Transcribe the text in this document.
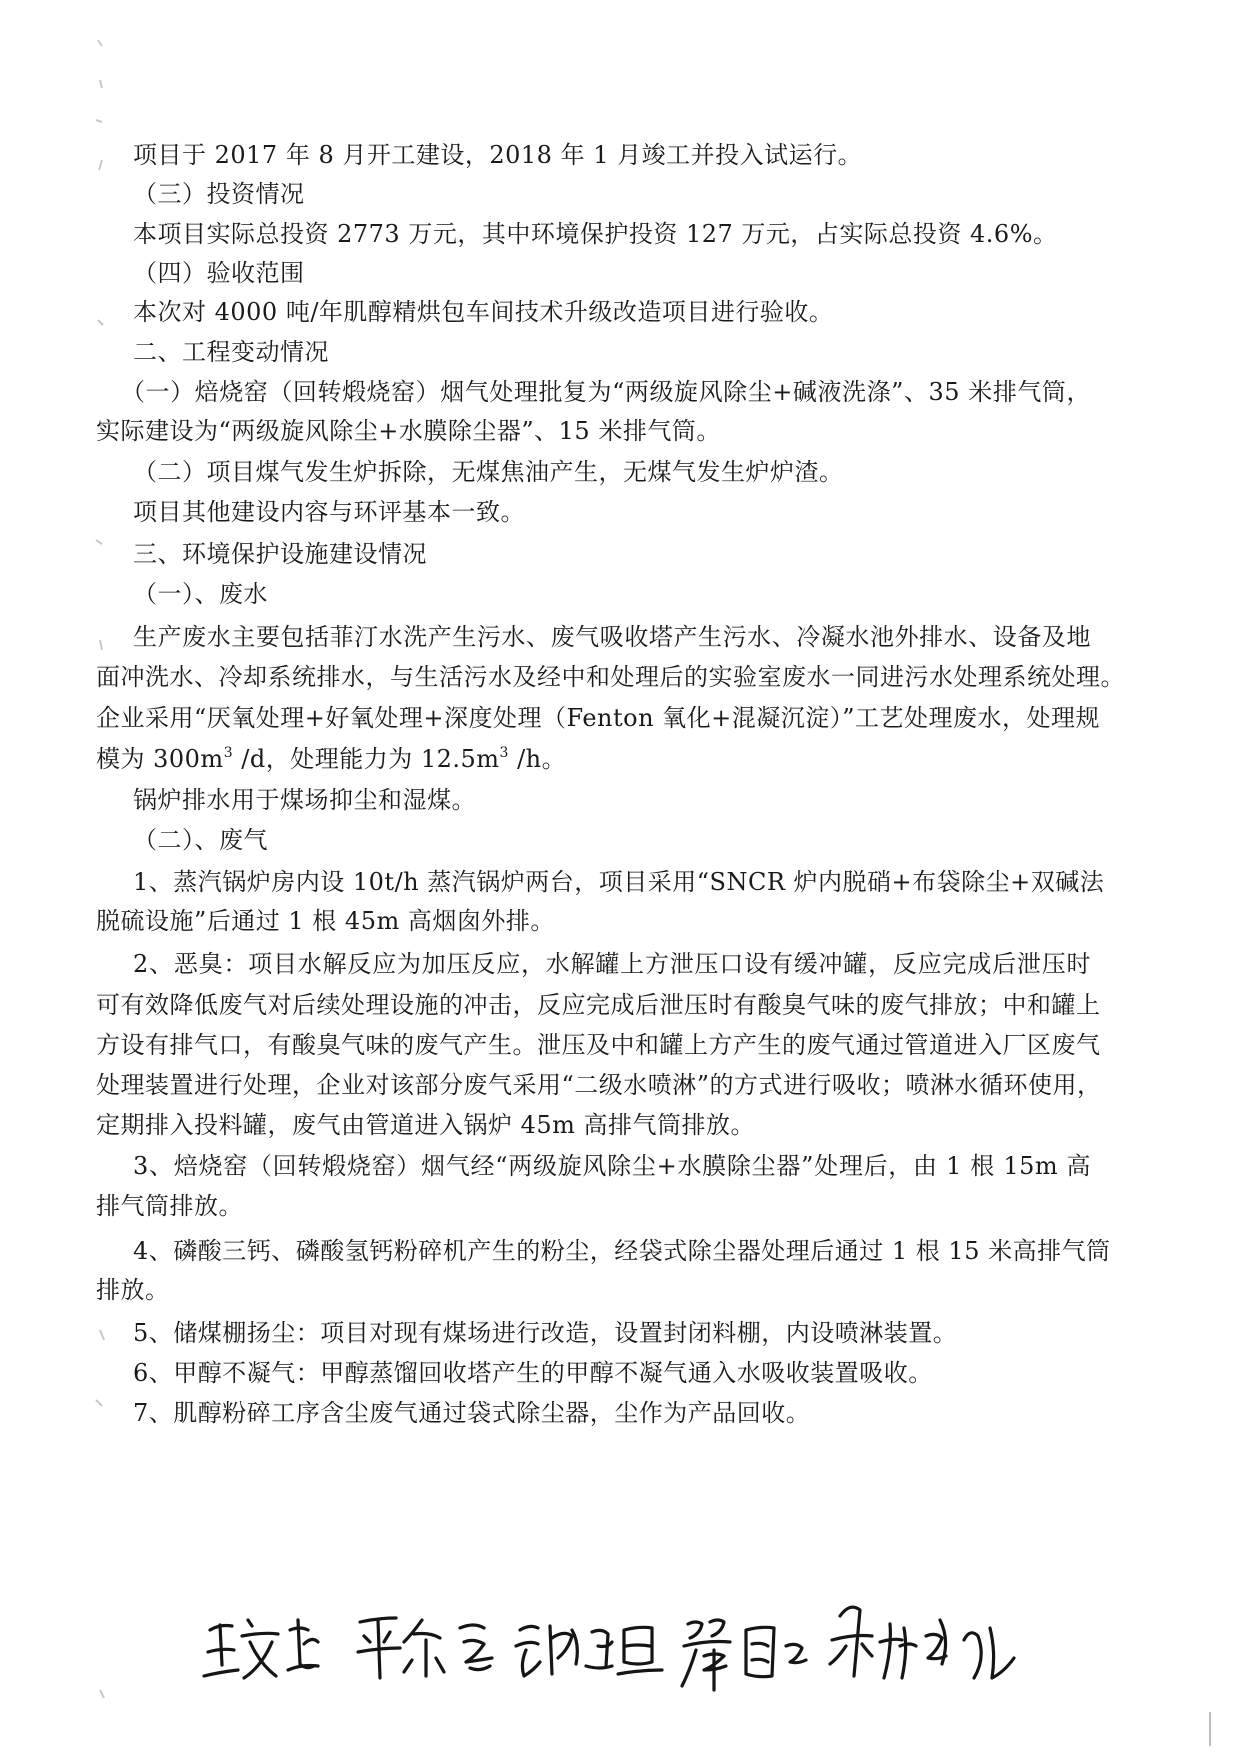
项目于 2017 年 8 月开工建设，2018 年 1 月竣工并投入试运行。

（三）投资情况

本项目实际总投资 2773 万元，其中环境保护投资 127 万元，占实际总投资 4.6%。

（四）验收范围

本次对 4000 吨/年肌醇精烘包车间技术升级改造项目进行验收。

二、工程变动情况

（一）焙烧窑（回转煅烧窑）烟气处理批复为“两级旋风除尘+碱液洗涤”、35 米排气筒，

实际建设为“两级旋风除尘+水膜除尘器”、15 米排气筒。

（二）项目煤气发生炉拆除，无煤焦油产生，无煤气发生炉炉渣。

项目其他建设内容与环评基本一致。

三、环境保护设施建设情况

（一）、废水

生产废水主要包括菲汀水洗产生污水、废气吸收塔产生污水、冷凝水池外排水、设备及地

面冲洗水、冷却系统排水，与生活污水及经中和处理后的实验室废水一同进污水处理系统处理。

企业采用“厌氧处理+好氧处理+深度处理（Fenton 氧化+混凝沉淀）”工艺处理废水，处理规

模为 $300m^3$ /d，处理能力为 $12.5m^3$ /h。

锅炉排水用于煤场抑尘和湿煤。

（二）、废气

1、蒸汽锅炉房内设 10t/h 蒸汽锅炉两台，项目采用“SNCR 炉内脱硝+布袋除尘+双碱法

脱硫设施”后通过 1 根 45m 高烟囱外排。

2、恶臭：项目水解反应为加压反应，水解罐上方泄压口设有缓冲罐，反应完成后泄压时

可有效降低废气对后续处理设施的冲击，反应完成后泄压时有酸臭气味的废气排放；中和罐上

方设有排气口，有酸臭气味的废气产生。泄压及中和罐上方产生的废气通过管道进入厂区废气

处理装置进行处理，企业对该部分废气采用“二级水喷淋”的方式进行吸收；喷淋水循环使用，

定期排入投料罐，废气由管道进入锅炉 45m 高排气筒排放。

3、焙烧窑（回转煅烧窑）烟气经“两级旋风除尘+水膜除尘器”处理后，由 1 根 15m 高

排气筒排放。

4、磷酸三钙、磷酸氢钙粉碎机产生的粉尘，经袋式除尘器处理后通过 1 根 15 米高排气筒

排放。

5、储煤棚扬尘：项目对现有煤场进行改造，设置封闭料棚，内设喷淋装置。

6、甲醇不凝气：甲醇蒸馏回收塔产生的甲醇不凝气通入水吸收装置吸收。

7、肌醇粉碎工序含尘废气通过袋式除尘器，尘作为产品回收。
